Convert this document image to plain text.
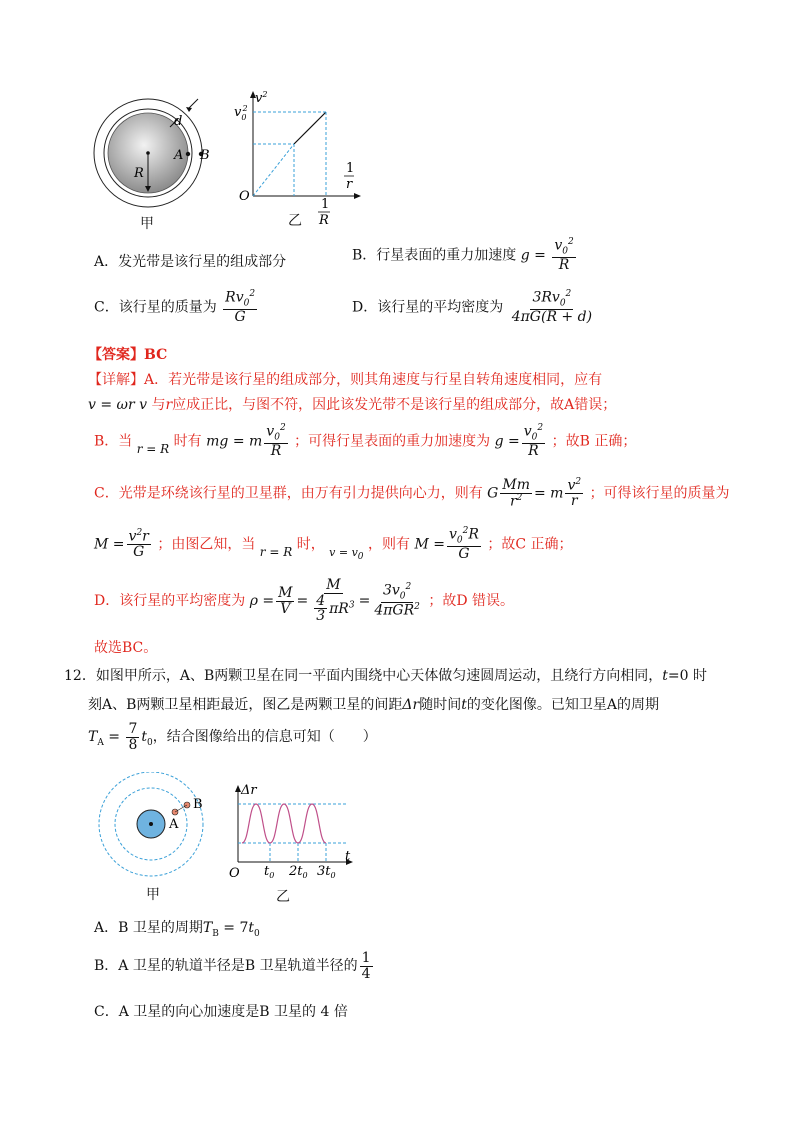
d
A B
R
甲
$v^2$
$v_02$
O
1
r
1
R
乙
A．发光带是该行星的组成部分	B．行星表面的重力加速度 $g = \frac{v_0^2}{R}$
C．该行星的质量为 $\frac{Rv_0^2}{G}$	D．该行星的平均密度为 $\frac{3Rv_0^2}{4\pi G(R + d)}$
【答案】BC
【详解】A．若光带是该行星的组成部分，则其角速度与行星自转角速度相同，应有
v = ωr v 与r应成正比，与图不符，因此该发光带不是该行星的组成部分，故A错误；
B．当 r = R 时有 mg = m $\frac{v_0^2}{R}$ ；可得行星表面的重力加速度为 $g = \frac{v_0^2}{R}$ ；故B 正确；
C．光带是环绕该行星的卫星群，由万有引力提供向心力，则有 G $\frac{Mm}{r^2} = m \frac{v^2}{r}$ ；可得该行星的质量为
$M = \frac{v^2r}{G}$ ；由图乙知，当 r = R 时， $_{v = v_0}$ ，则有 $M = \frac{v_0^2R}{G}$ ；故C 正确；
D．该行星的平均密度为 $\rho = \frac{M}{V} = \frac{M}{\frac{4}{3} \pi R^3} = \frac{3v_0^2}{4\pi GR^2}$ ；故D 错误。
故选BC。
12．如图甲所示，A、B两颗卫星在同一平面内围绕中心天体做匀速圆周运动，且绕行方向相同，t=0 时
刻A、B两颗卫星相距最近，图乙是两颗卫星的间距Δr随时间t的变化图像。已知卫星A的周期
$T_A = \frac{7}{8} t_0$，结合图像给出的信息可知（　　）
A
B
甲
Δr
t
O $t_0$ $2t_0$ $3t_0$
乙
A．B 卫星的周期$T_B = 7t_0$
B．A 卫星的轨道半径是B 卫星轨道半径的 $\frac{1}{4}$
C．A 卫星的向心加速度是B 卫星的 4 倍
